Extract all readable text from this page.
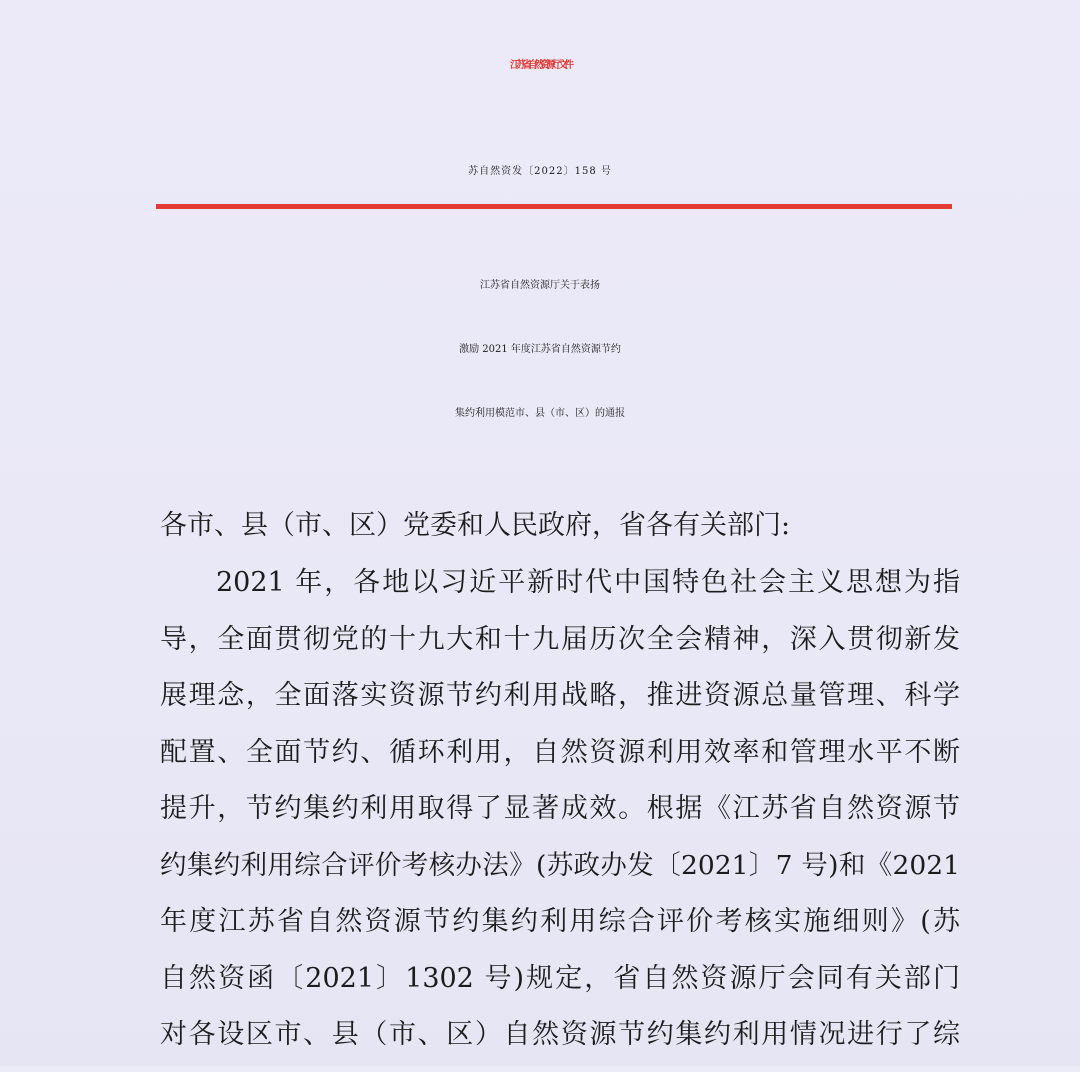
江苏省自然资源厅文件
苏自然资发〔2022〕158 号
江苏省自然资源厅关于表扬
激励 2021 年度江苏省自然资源节约
集约利用模范市、县（市、区）的通报
各市、县（市、区）党委和人民政府，省各有关部门:
2021 年，各地以习近平新时代中国特色社会主义思想为指
导，全面贯彻党的十九大和十九届历次全会精神，深入贯彻新发
展理念，全面落实资源节约利用战略，推进资源总量管理、科学
配置、全面节约、循环利用，自然资源利用效率和管理水平不断
提升，节约集约利用取得了显著成效。根据《江苏省自然资源节
约集约利用综合评价考核办法》(苏政办发〔2021〕7 号)和《2021
年度江苏省自然资源节约集约利用综合评价考核实施细则》(苏
自然资函〔2021〕1302 号)规定，省自然资源厅会同有关部门
对各设区市、县（市、区）自然资源节约集约利用情况进行了综
